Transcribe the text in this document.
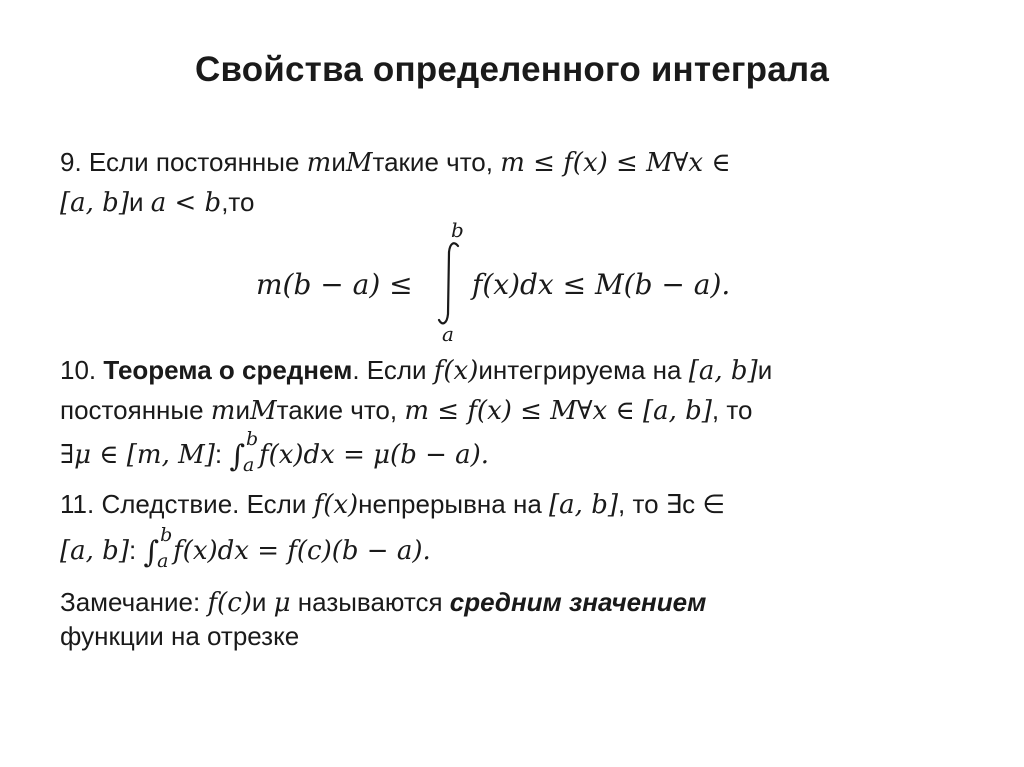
Свойства определенного интеграла
9. Если постоянные mиMтакие что, m ≤ f(x) ≤ M∀x ∈
[a, b]и a < b,то
m(b − a) ≤
b
a
f(x)dx ≤ M(b − a).
10. Теорема о среднем. Если f(x)интегрируема на [a, b]и
постоянные mиMтакие что, m ≤ f(x) ≤ M∀x ∈ [a, b], то
∃μ ∈ [m, M]: ∫ b
a f(x)dx = μ(b − a).
11. Следствие. Если f(x)непрерывна на [a, b], то ∃c ∈
[a, b]: ∫ b
a f(x)dx = f(c)(b − a).
Замечание: f(c)и μ называются средним значением
функции на отрезке
